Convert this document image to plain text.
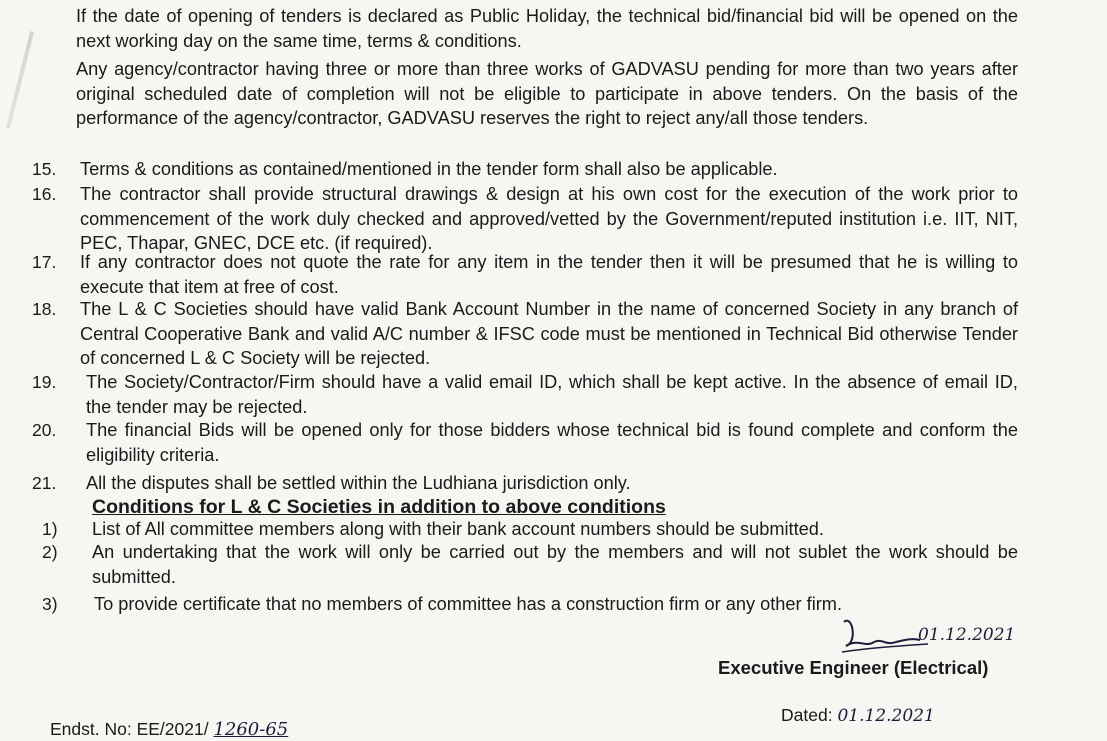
If the date of opening of tenders is declared as Public Holiday, the technical bid/financial bid will be opened on the next working day on the same time, terms & conditions.
Any agency/contractor having three or more than three works of GADVASU pending for more than two years after original scheduled date of completion will not be eligible to participate in above tenders. On the basis of the performance of the agency/contractor, GADVASU reserves the right to reject any/all those tenders.
15.	Terms & conditions as contained/mentioned in the tender form shall also be applicable.
16.	The contractor shall provide structural drawings & design at his own cost for the execution of the work prior to commencement of the work duly checked and approved/vetted by the Government/reputed institution i.e. IIT, NIT, PEC, Thapar, GNEC, DCE etc. (if required).
17.	If any contractor does not quote the rate for any item in the tender then it will be presumed that he is willing to execute that item at free of cost.
18.	The L & C Societies should have valid Bank Account Number in the name of concerned Society in any branch of Central Cooperative Bank and valid A/C number & IFSC code must be mentioned in Technical Bid otherwise Tender of concerned L & C Society will be rejected.
19.	The Society/Contractor/Firm should have a valid email ID, which shall be kept active. In the absence of email ID, the tender may be rejected.
20.	The financial Bids will be opened only for those bidders whose technical bid is found complete and conform the eligibility criteria.
21.	All the disputes shall be settled within the Ludhiana jurisdiction only.
Conditions for L & C Societies in addition to above conditions
1)	List of All committee members along with their bank account numbers should be submitted.
2)	An undertaking that the work will only be carried out by the members and will not sublet the work should be submitted.
3)	To provide certificate that no members of committee has a construction firm or any other firm.
01.12.2021
Executive Engineer (Electrical)
Dated: 01.12.2021
Endst. No: EE/2021/ 1260-65
